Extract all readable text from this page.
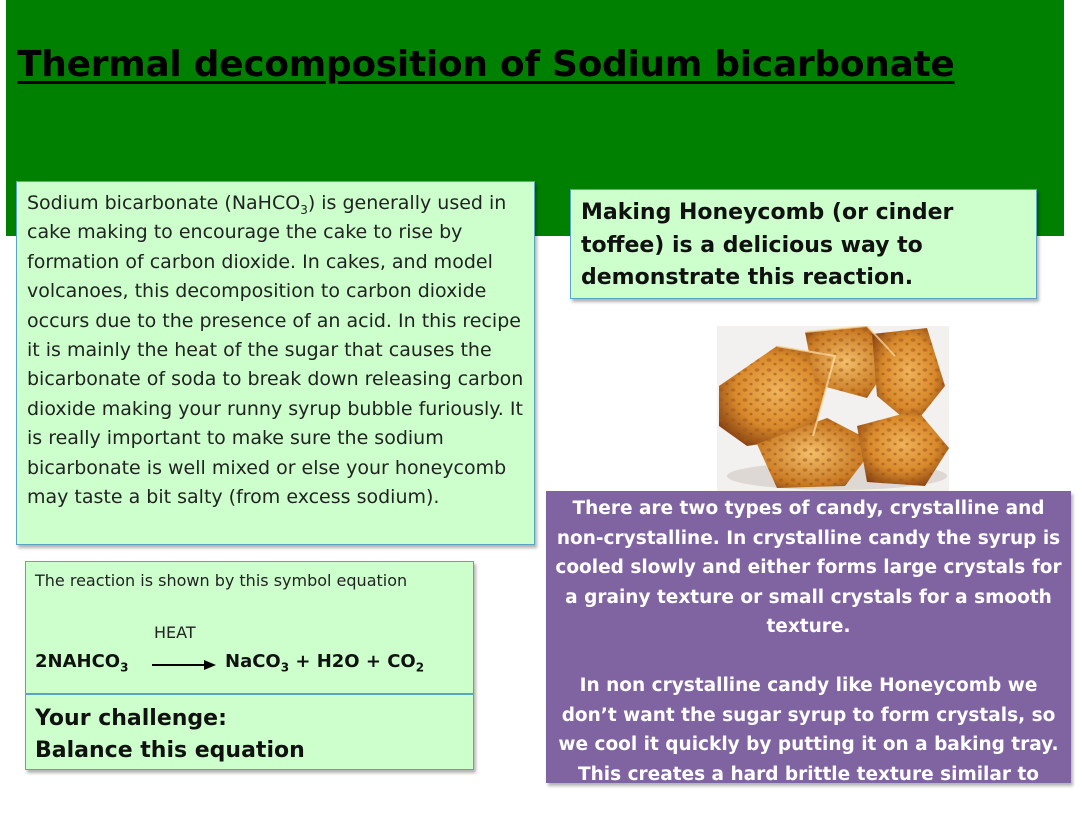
Thermal decomposition of Sodium bicarbonate
Sodium bicarbonate (NaHCO$_3$) is generally used in cake making to encourage the cake to rise by formation of carbon dioxide. In cakes, and model volcanoes, this decomposition to carbon dioxide occurs due to the presence of an acid. In this recipe it is mainly the heat of the sugar that causes the bicarbonate of soda to break down releasing carbon dioxide making your runny syrup bubble furiously. It is really important to make sure the sodium bicarbonate is well mixed or else your honeycomb may taste a bit salty (from excess sodium).
Making Honeycomb (or cinder toffee) is a delicious way to demonstrate this reaction.

There are two types of candy, crystalline and non-crystalline. In crystalline candy the syrup is cooled slowly and either forms large crystals for a grainy texture or small crystals for a smooth texture.

In non crystalline candy like Honeycomb we don’t want the sugar syrup to form crystals, so we cool it quickly by putting it on a baking tray. This creates a hard brittle texture similar to boiled sweets!

The reaction is shown by this symbol equation
HEAT
$2NAHCO_3$ → NaCO$_3$ + $H2O + CO_2$
Your challenge:
Balance this equation
